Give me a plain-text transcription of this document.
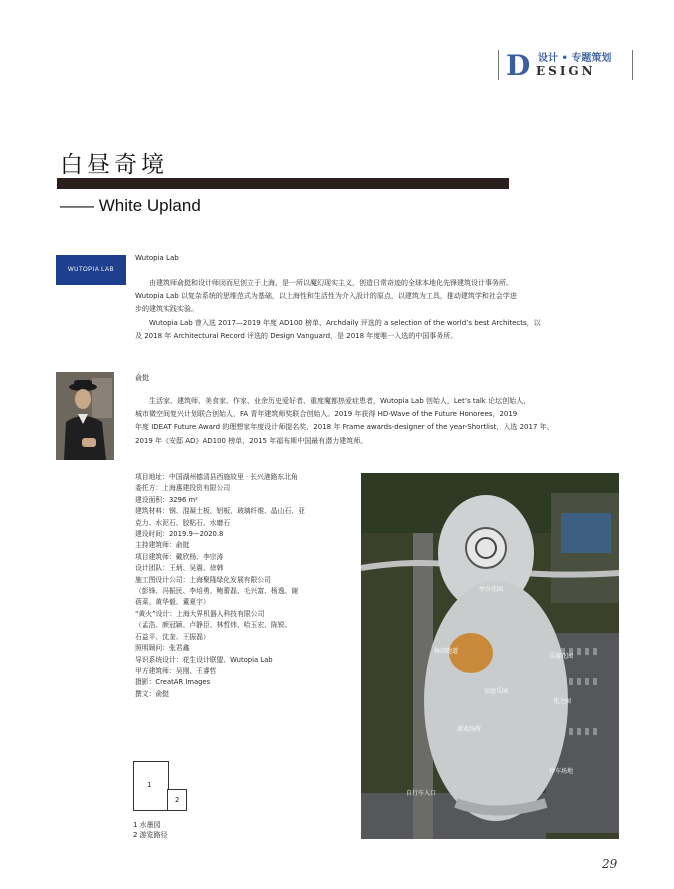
D 设计 • 专题策划
ESIGN
白昼奇境
—— White Upland
WUTOPIA LAB
Wutopia Lab

由建筑师俞挺和设计师闵而尼创立于上海，是一所以魔幻现实主义，创造日常奇迹的全球本地化先锋建筑设计事务所。

Wutopia Lab 以复杂系统的思维范式为基础，以上海性和生活性为介入設计的原点，以建筑为工具，推动建筑学和社会学进

步的建筑实践实验。

Wutopia Lab 曾入选 2017—2019 年度 AD100 榜单、Archdaily 评选的 a selection of the world’s best Architects，以

及 2018 年 Architectural Record 评选的 Design Vanguard，是 2018 年度唯一入选的中国事务所。

俞挺

生活家、建筑师、美食家、作家、业余历史爱好者、重度魔都热爱症患者，Wutopia Lab 创始人，Let’s talk 论坛创始人，

城市微空间复兴计划联合创始人，FA 青年建筑师奖联合创始人。2019 年获得 HD-Wave of the Future Honorees，2019

年度 IDEAT Future Award 的理想家年度设计师提名奖，2018 年 Frame awards-designer of the year-Shortlist，入选 2017 年、

2019 年《安邸 AD》AD100 榜单，2015 年福布斯中国最有潜力建筑师。

项目地址：中国湖州德清县西施故里 · 长兴港路东北角
委托方：上海惠建投资有限公司
建设面积：3296 m²
建筑材料：钢、混凝土板、铝板、玻璃纤维、晶山石、亚
克力、水泥石、胶粘石、水磨石
建设时间：2019.9—2020.8
主持建筑师：俞挺
项目建筑师：戴欣杨、李宗涛
设计团队：王炳、吴震、徐韩
施工图设计公司：上海聚隆绿化发展有限公司
（彭锋、冯振民、李培勇、鲍蕾磊、毛兴富、杨逸、谢
蓓菜、黄华毅、董夏宇）
“黄火”设计：上海大界机器人科技有限公司
（孟浩、颜冠颖、卢静臣、林哲炜、哈玉宏、陈锐、
石益平、沈奎、王振磊）
照明顾问：张君鑫
导识系统设计：花生设计联盟、Wutopia Lab
甲方建筑师：吴刚、王睿哲
摄影：CreatAR Images
撰文：俞挺
林荫跑道
亭台花园
乐游花园
家庭乐园
游戏场所
停车场地
花之园
自行车入口
1
2
1 水墨园
2 游览路径
29
